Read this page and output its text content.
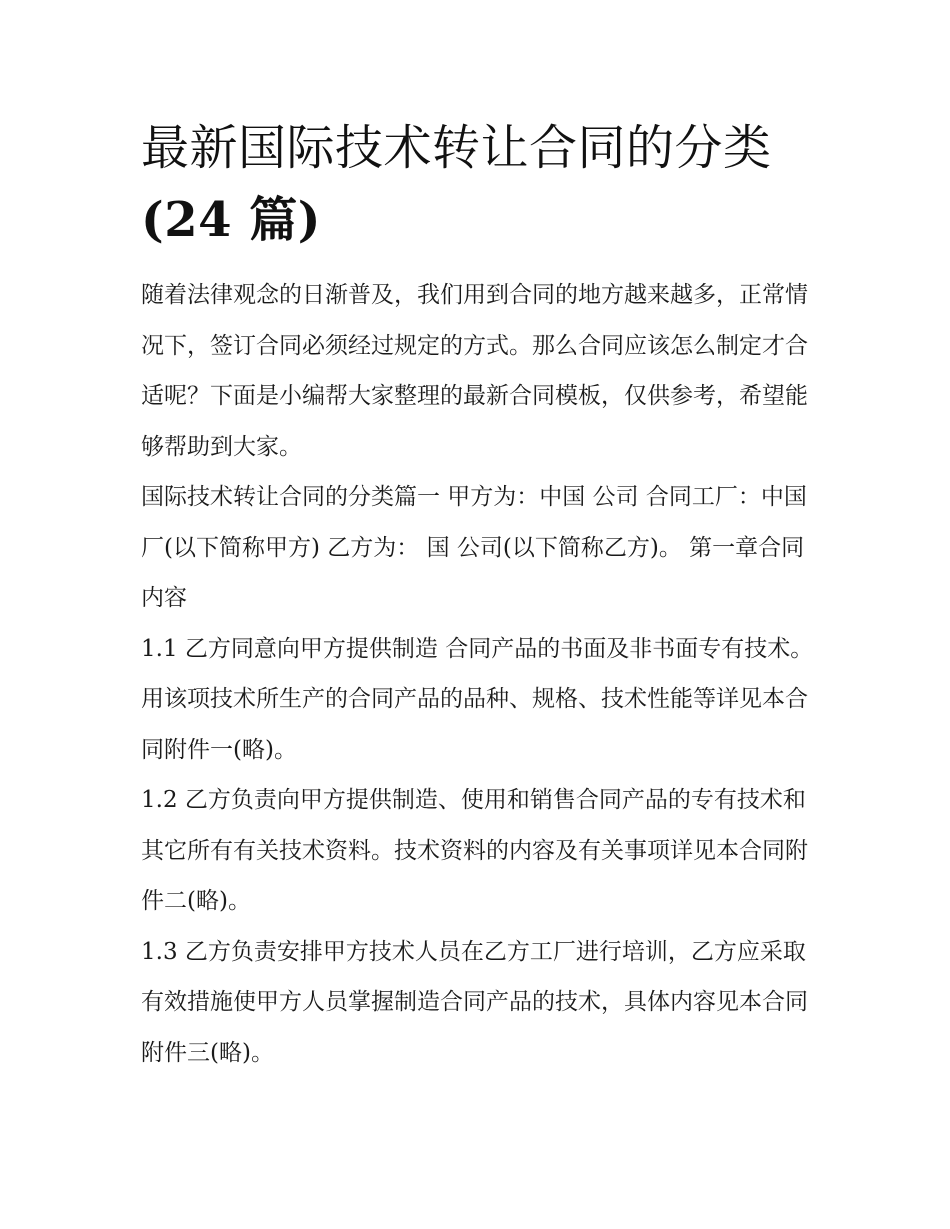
最新国际技术转让合同的分类
(24 篇)

随着法律观念的日渐普及，我们用到合同的地方越来越多，正常情况下，签订合同必须经过规定的方式。那么合同应该怎么制定才合适呢？下面是小编帮大家整理的最新合同模板，仅供参考，希望能够帮助到大家。

国际技术转让合同的分类篇一 甲方为：中国 公司 合同工厂：中国 厂(以下简称甲方) 乙方为： 国 公司(以下简称乙方)。 第一章合同内容

1.1 乙方同意向甲方提供制造 合同产品的书面及非书面专有技术。用该项技术所生产的合同产品的品种、规格、技术性能等详见本合同附件一(略)。

1.2 乙方负责向甲方提供制造、使用和销售合同产品的专有技术和其它所有有关技术资料。技术资料的内容及有关事项详见本合同附件二(略)。

1.3 乙方负责安排甲方技术人员在乙方工厂进行培训，乙方应采取有效措施使甲方人员掌握制造合同产品的技术，具体内容见本合同附件三(略)。
